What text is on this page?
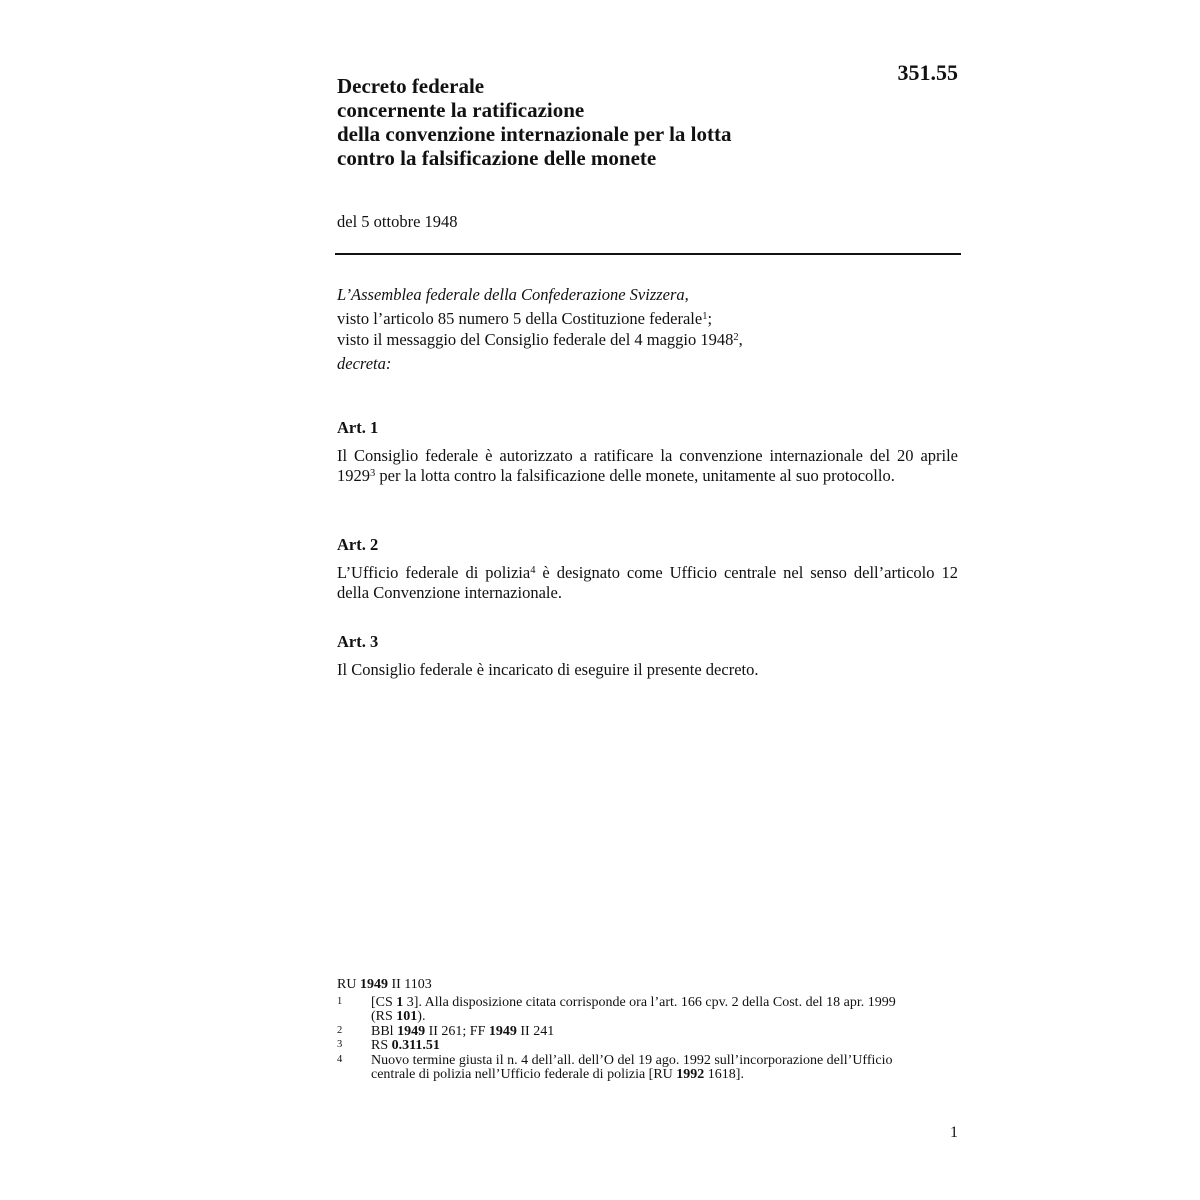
351.55
Decreto federale
concernente la ratificazione
della convenzione internazionale per la lotta
contro la falsificazione delle monete
del 5 ottobre 1948
L’Assemblea federale della Confederazione Svizzera,
visto l’articolo 85 numero 5 della Costituzione federale$^1$;
visto il messaggio del Consiglio federale del 4 maggio 1948$^2$,
decreta:
Art. 1
Il Consiglio federale è autorizzato a ratificare la convenzione internazionale del 20 aprile 1929$^3$ per la lotta contro la falsificazione delle monete, unitamente al suo protocollo.
Art. 2
L’Ufficio federale di polizia$^4$ è designato come Ufficio centrale nel senso dell’articolo 12 della Convenzione internazionale.
Art. 3
Il Consiglio federale è incaricato di eseguire il presente decreto.
RU 1949 II 1103
1	[CS 1 3]. Alla disposizione citata corrisponde ora l’art. 166 cpv. 2 della Cost. del 18 apr. 1999 (RS 101).
2	BBl 1949 II 261; FF 1949 II 241
3	RS 0.311.51
4	Nuovo termine giusta il n. 4 dell’all. dell’O del 19 ago. 1992 sull’incorporazione dell’Ufficio centrale di polizia nell’Ufficio federale di polizia [RU 1992 1618].
1
